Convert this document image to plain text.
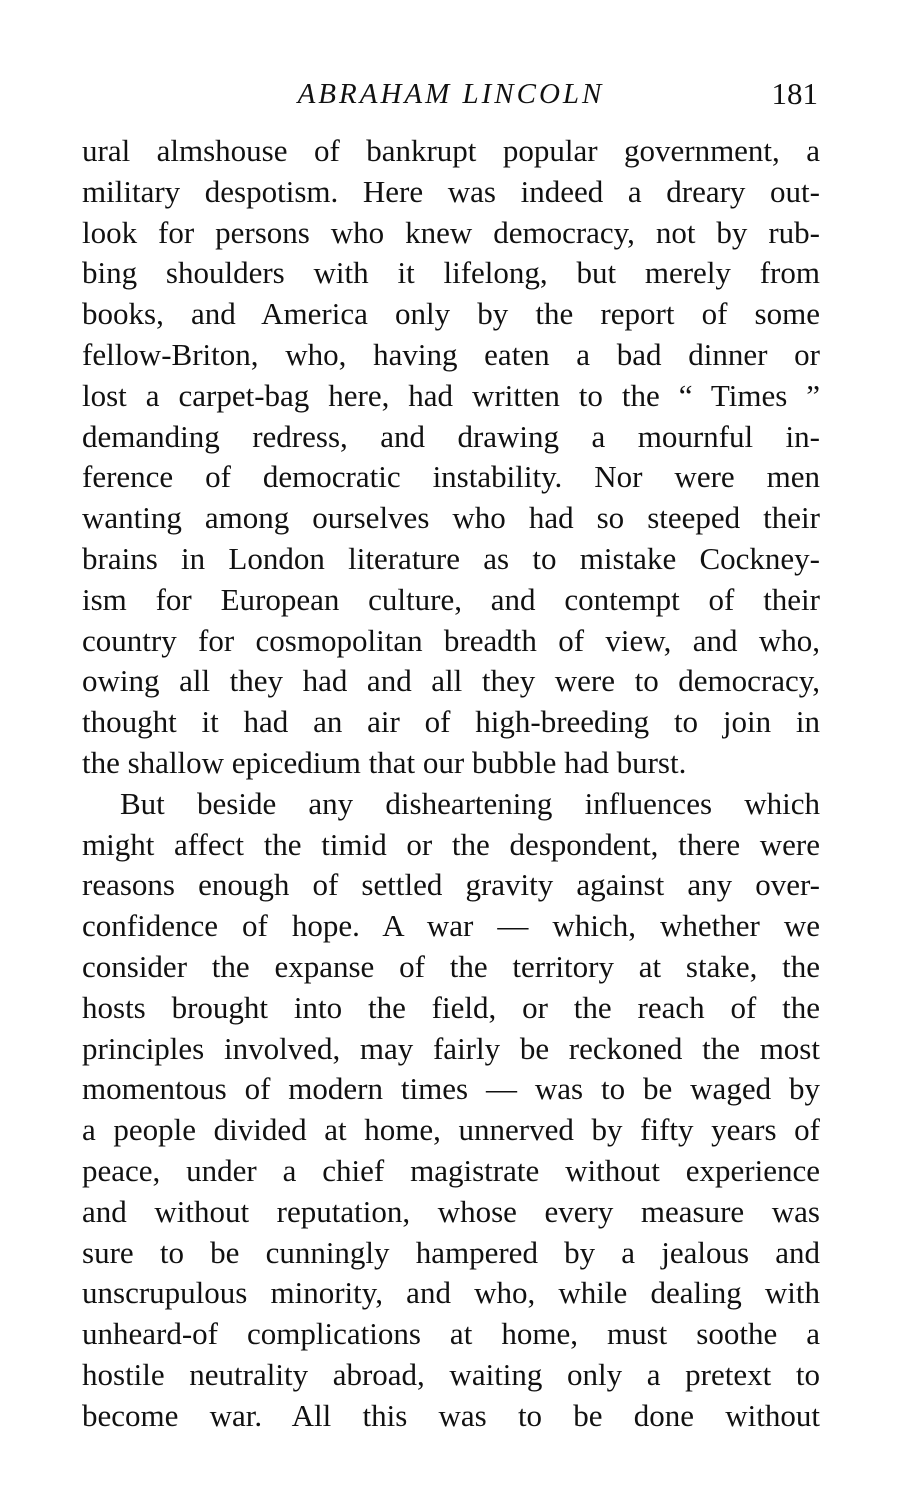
ABRAHAM LINCOLN	181
ural almshouse of bankrupt popular government, a
military despotism. Here was indeed a dreary out-
look for persons who knew democracy, not by rub-
bing shoulders with it lifelong, but merely from
books, and America only by the report of some
fellow-Briton, who, having eaten a bad dinner or
lost a carpet-bag here, had written to the “ Times ”
demanding redress, and drawing a mournful in-
ference of democratic instability. Nor were men
wanting among ourselves who had so steeped their
brains in London literature as to mistake Cockney-
ism for European culture, and contempt of their
country for cosmopolitan breadth of view, and who,
owing all they had and all they were to democracy,
thought it had an air of high-breeding to join in
the shallow epicedium that our bubble had burst.
But beside any disheartening influences which
might affect the timid or the despondent, there were
reasons enough of settled gravity against any over-
confidence of hope. A war — which, whether we
consider the expanse of the territory at stake, the
hosts brought into the field, or the reach of the
principles involved, may fairly be reckoned the most
momentous of modern times — was to be waged by
a people divided at home, unnerved by fifty years of
peace, under a chief magistrate without experience
and without reputation, whose every measure was
sure to be cunningly hampered by a jealous and
unscrupulous minority, and who, while dealing with
unheard-of complications at home, must soothe a
hostile neutrality abroad, waiting only a pretext to
become war. All this was to be done without
